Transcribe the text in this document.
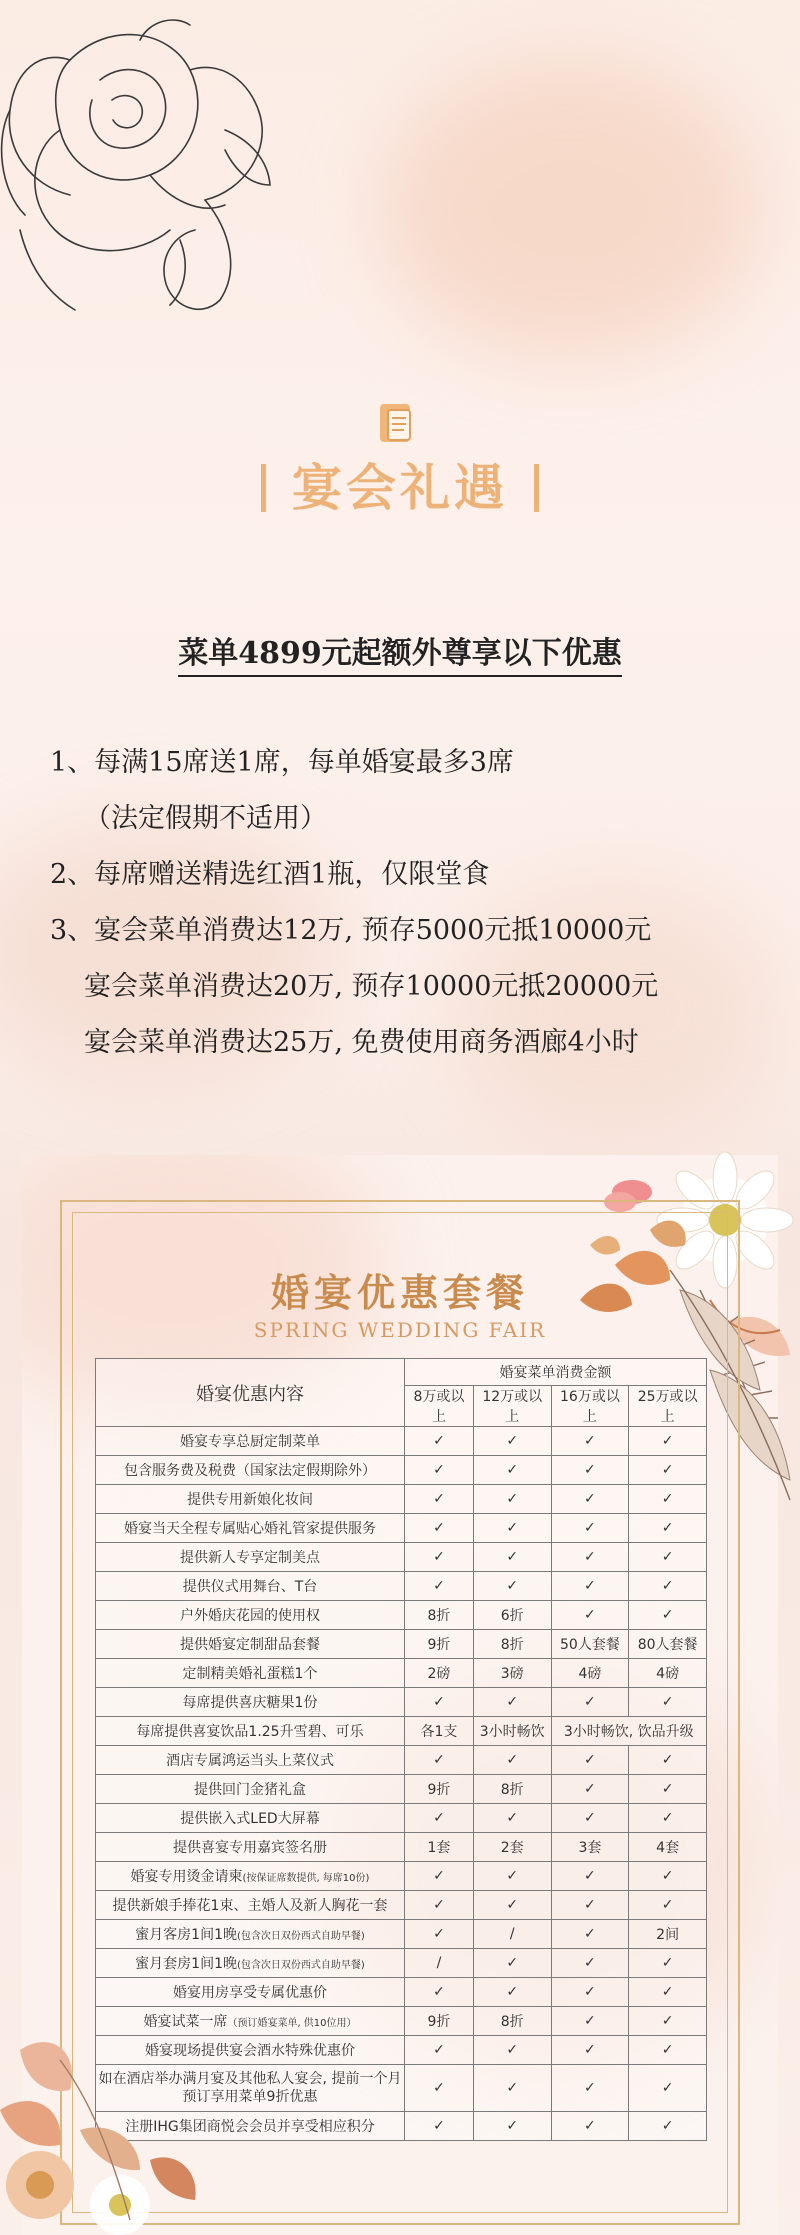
宴会礼遇
菜单4899元起额外尊享以下优惠
1、每满15席送1席，每单婚宴最多3席
（法定假期不适用）
2、每席赠送精选红酒1瓶，仅限堂食
3、宴会菜单消费达12万, 预存5000元抵10000元
宴会菜单消费达20万, 预存10000元抵20000元
宴会菜单消费达25万, 免费使用商务酒廊4小时
婚宴优惠套餐
SPRING WEDDING FAIR
婚宴优惠内容	婚宴菜单消费金额			
	8万或以上	12万或以上	16万或以上	25万或以上
婚宴专享总厨定制菜单	✓	✓	✓	✓
包含服务费及税费（国家法定假期除外）	✓	✓	✓	✓
提供专用新娘化妆间	✓	✓	✓	✓
婚宴当天全程专属贴心婚礼管家提供服务	✓	✓	✓	✓
提供新人专享定制美点	✓	✓	✓	✓
提供仪式用舞台、T台	✓	✓	✓	✓
户外婚庆花园的使用权	8折	6折	✓	✓
提供婚宴定制甜品套餐	9折	8折	50人套餐	80人套餐
定制精美婚礼蛋糕1个	2磅	3磅	4磅	4磅
每席提供喜庆糖果1份	✓	✓	✓	✓
每席提供喜宴饮品1.25升雪碧、可乐	各1支	3小时畅饮	3小时畅饮, 饮品升级	
酒店专属鸿运当头上菜仪式	✓	✓	✓	✓
提供回门金猪礼盒	9折	8折	✓	✓
提供嵌入式LED大屏幕	✓	✓	✓	✓
提供喜宴专用嘉宾签名册	1套	2套	3套	4套
婚宴专用烫金请柬(按保证席数提供, 每席10份)	✓	✓	✓	✓
提供新娘手捧花1束、主婚人及新人胸花一套	✓	✓	✓	✓
蜜月客房1间1晚(包含次日双份西式自助早餐)	✓	/	✓	2间
蜜月套房1间1晚(包含次日双份西式自助早餐)	/	✓	✓	✓
婚宴用房享受专属优惠价	✓	✓	✓	✓
婚宴试菜一席（预订婚宴菜单, 供10位用）	9折	8折	✓	✓
婚宴现场提供宴会酒水特殊优惠价	✓	✓	✓	✓
如在酒店举办满月宴及其他私人宴会, 提前一个月预订享用菜单9折优惠	✓	✓	✓	✓
注册IHG集团商悦会会员并享受相应积分	✓	✓	✓	✓
